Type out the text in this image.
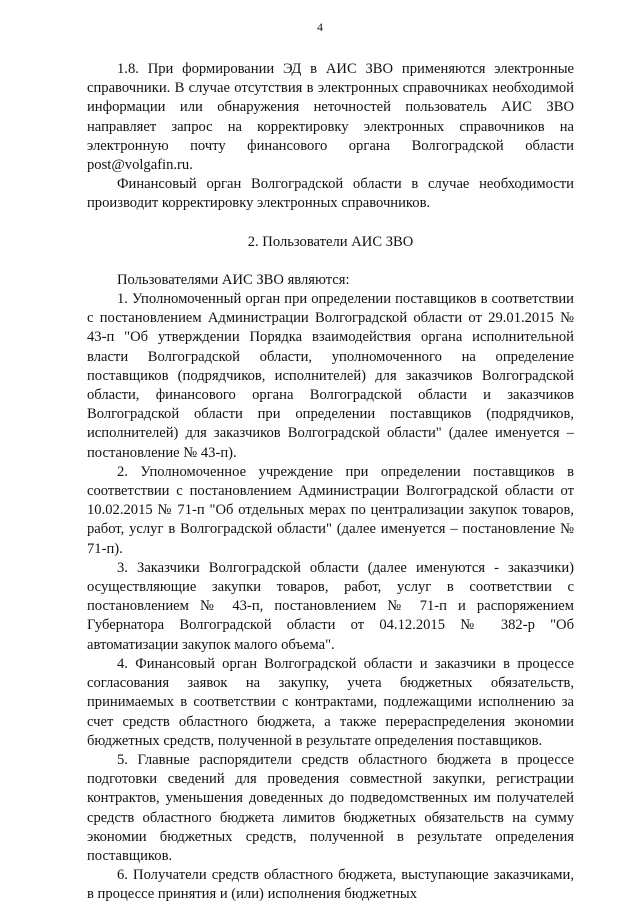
4

1.8. При формировании ЭД в АИС ЗВО применяются электронные справочники. В случае отсутствия в электронных справочниках необходимой информации или обнаружения неточностей пользователь АИС ЗВО направляет запрос на корректировку электронных справочников на электронную почту финансового органа Волгоградской области post@volgafin.ru.

Финансовый орган Волгоградской области в случае необходимости производит корректировку электронных справочников.

2. Пользователи АИС ЗВО

Пользователями АИС ЗВО являются:

1. Уполномоченный орган при определении поставщиков в соответствии с постановлением Администрации Волгоградской области от 29.01.2015 № 43-п "Об утверждении Порядка взаимодействия органа исполнительной власти Волгоградской области, уполномоченного на определение поставщиков (подрядчиков, исполнителей) для заказчиков Волгоградской области, финансового органа Волгоградской области и заказчиков Волгоградской области при определении поставщиков (подрядчиков, исполнителей) для заказчиков Волгоградской области" (далее именуется – постановление № 43-п).

2. Уполномоченное учреждение при определении поставщиков в соответствии с постановлением Администрации Волгоградской области от 10.02.2015 № 71-п "Об отдельных мерах по централизации закупок товаров, работ, услуг в Волгоградской области" (далее именуется – постановление № 71-п).

3. Заказчики Волгоградской области (далее именуются - заказчики) осуществляющие закупки товаров, работ, услуг в соответствии с постановлением № 43-п, постановлением № 71-п и распоряжением Губернатора Волгоградской области от 04.12.2015 № 382-р "Об автоматизации закупок малого объема".

4. Финансовый орган Волгоградской области и заказчики в процессе согласования заявок на закупку, учета бюджетных обязательств, принимаемых в соответствии с контрактами, подлежащими исполнению за счет средств областного бюджета, а также перераспределения экономии бюджетных средств, полученной в результате определения поставщиков.

5. Главные распорядители средств областного бюджета в процессе подготовки сведений для проведения совместной закупки, регистрации контрактов, уменьшения доведенных до подведомственных им получателей средств областного бюджета лимитов бюджетных обязательств на сумму экономии бюджетных средств, полученной в результате определения поставщиков.

6. Получатели средств областного бюджета, выступающие заказчиками, в процессе принятия и (или) исполнения бюджетных
